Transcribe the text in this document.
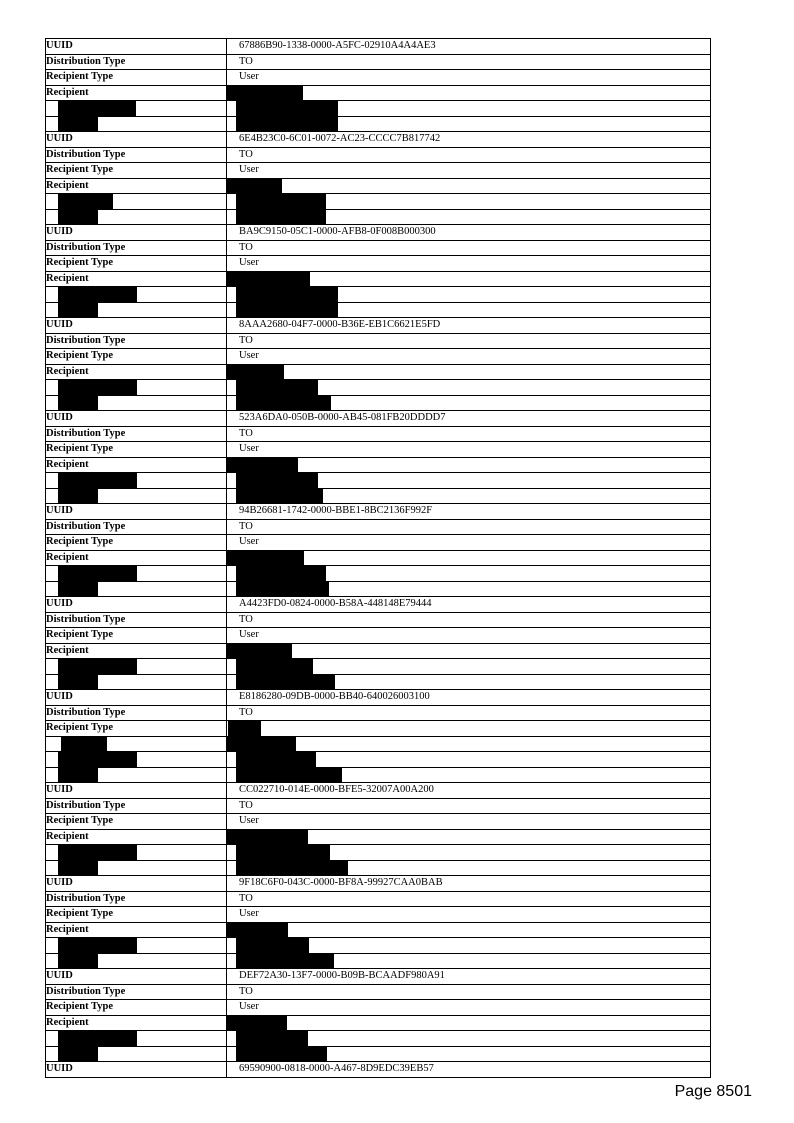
UUID	67886B90-1338-0000-A5FC-02910A4A4AE3
Distribution Type	TO
Recipient Type	User
Recipient	

UUID	6E4B23C0-6C01-0072-AC23-CCCC7B817742
Distribution Type	TO
Recipient Type	User
Recipient	

UUID	BA9C9150-05C1-0000-AFB8-0F008B000300
Distribution Type	TO
Recipient Type	User
Recipient	

UUID	8AAA2680-04F7-0000-B36E-EB1C6621E5FD
Distribution Type	TO
Recipient Type	User
Recipient	

UUID	523A6DA0-050B-0000-AB45-081FB20DDDD7
Distribution Type	TO
Recipient Type	User
Recipient	

UUID	94B26681-1742-0000-BBE1-8BC2136F992F
Distribution Type	TO
Recipient Type	User
Recipient	

UUID	A4423FD0-0824-0000-B58A-448148E79444
Distribution Type	TO
Recipient Type	User
Recipient	

UUID	E8186280-09DB-0000-BB40-640026003100
Distribution Type	TO
Recipient Type	

UUID	CC022710-014E-0000-BFE5-32007A00A200
Distribution Type	TO
Recipient Type	User
Recipient	

UUID	9F18C6F0-043C-0000-BF8A-99927CAA0BAB
Distribution Type	TO
Recipient Type	User
Recipient	

UUID	DEF72A30-13F7-0000-B09B-BCAADF980A91
Distribution Type	TO
Recipient Type	User
Recipient	

UUID	69590900-0818-0000-A467-8D9EDC39EB57
Page 8501
